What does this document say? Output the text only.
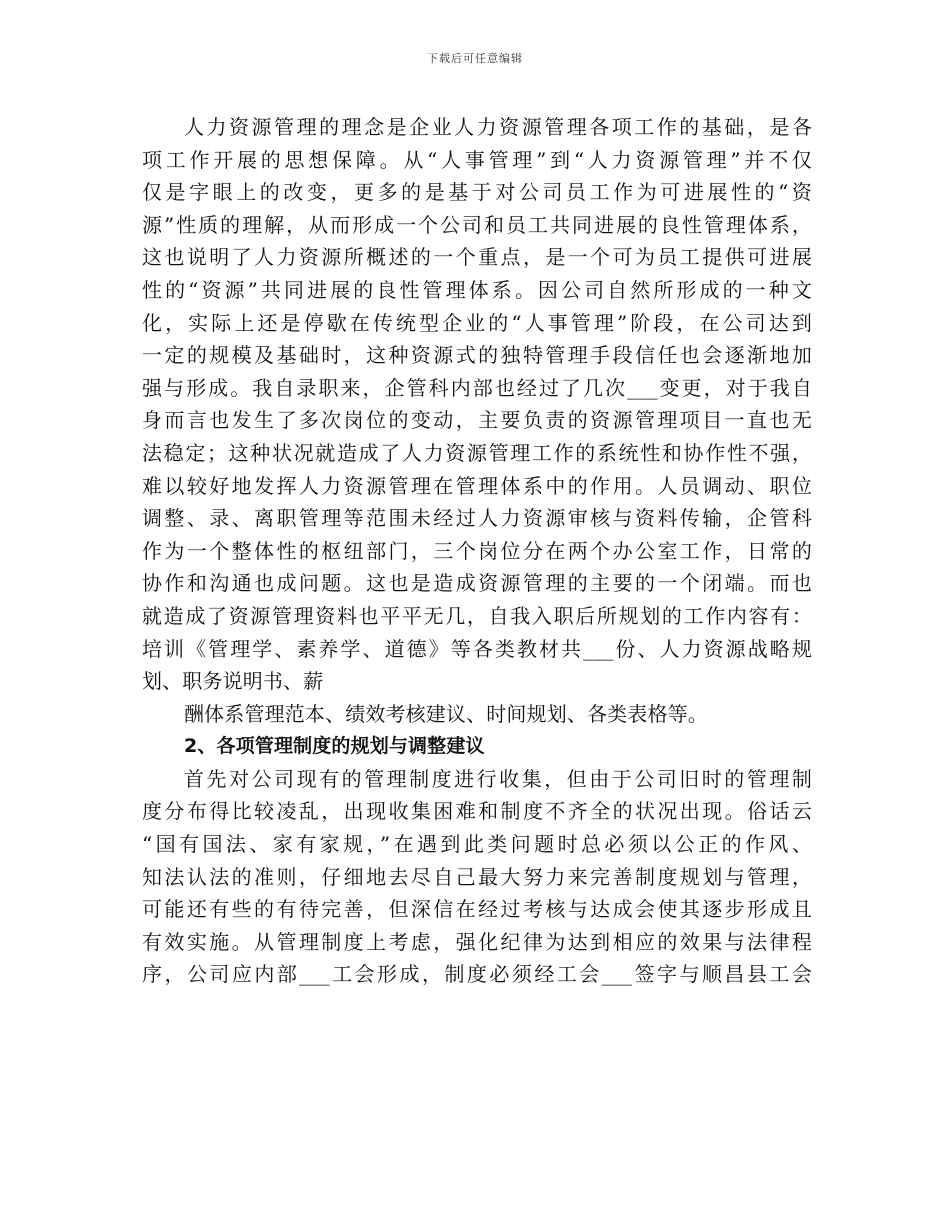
下载后可任意编辑
人力资源管理的理念是企业人力资源管理各项工作的基础，是各
项工作开展的思想保障。从“人事管理”到“人力资源管理”并不仅
仅是字眼上的改变，更多的是基于对公司员工作为可进展性的“资
源”性质的理解，从而形成一个公司和员工共同进展的良性管理体系，
这也说明了人力资源所概述的一个重点，是一个可为员工提供可进展
性的“资源”共同进展的良性管理体系。因公司自然所形成的一种文
化，实际上还是停歇在传统型企业的“人事管理”阶段，在公司达到
一定的规模及基础时，这种资源式的独特管理手段信任也会逐渐地加
强与形成。我自录职来，企管科内部也经过了几次___变更，对于我自
身而言也发生了多次岗位的变动，主要负责的资源管理项目一直也无
法稳定；这种状况就造成了人力资源管理工作的系统性和协作性不强，
难以较好地发挥人力资源管理在管理体系中的作用。人员调动、职位
调整、录、离职管理等范围未经过人力资源审核与资料传输，企管科
作为一个整体性的枢纽部门，三个岗位分在两个办公室工作，日常的
协作和沟通也成问题。这也是造成资源管理的主要的一个闭端。而也
就造成了资源管理资料也平平无几，自我入职后所规划的工作内容有：
培训《管理学、素养学、道德》等各类教材共___份、人力资源战略规
划、职务说明书、薪
酬体系管理范本、绩效考核建议、时间规划、各类表格等。
2、各项管理制度的规划与调整建议
首先对公司现有的管理制度进行收集，但由于公司旧时的管理制
度分布得比较凌乱，出现收集困难和制度不齐全的状况出现。俗话云
“国有国法、家有家规，”在遇到此类问题时总必须以公正的作风、
知法认法的准则，仔细地去尽自己最大努力来完善制度规划与管理，
可能还有些的有待完善，但深信在经过考核与达成会使其逐步形成且
有效实施。从管理制度上考虑，强化纪律为达到相应的效果与法律程
序，公司应内部___工会形成，制度必须经工会___签字与顺昌县工会
